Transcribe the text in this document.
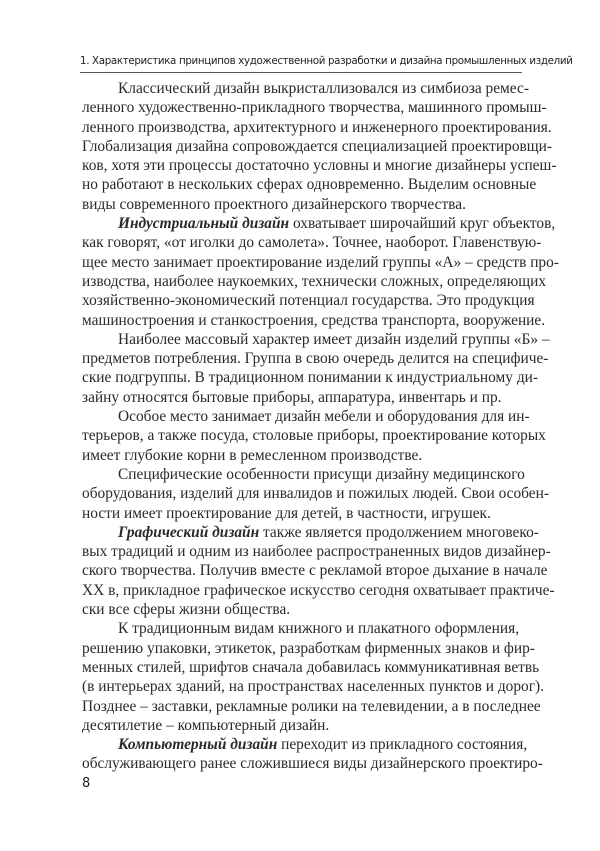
1. Характеристика принципов художественной разработки и дизайна промышленных изделий
Классический дизайн выкристаллизовался из симбиоза ремес-
ленного художественно-прикладного творчества, машинного промыш-
ленного производства, архитектурного и инженерного проектирования.
Глобализация дизайна сопровождается специализацией проектировщи-
ков, хотя эти процессы достаточно условны и многие дизайнеры успеш-
но работают в нескольких сферах одновременно. Выделим основные
виды современного проектного дизайнерского творчества.
Индустриальный дизайн охватывает широчайший круг объектов,
как говорят, «от иголки до самолета». Точнее, наоборот. Главенствую-
щее место занимает проектирование изделий группы «А» – средств про-
изводства, наиболее наукоемких, технически сложных, определяющих
хозяйственно-экономический потенциал государства. Это продукция
машиностроения и станкостроения, средства транспорта, вооружение.
Наиболее массовый характер имеет дизайн изделий группы «Б» –
предметов потребления. Группа в свою очередь делится на специфиче-
ские подгруппы. В традиционном понимании к индустриальному ди-
зайну относятся бытовые приборы, аппаратура, инвентарь и пр.
Особое место занимает дизайн мебели и оборудования для ин-
терьеров, а также посуда, столовые приборы, проектирование которых
имеет глубокие корни в ремесленном производстве.
Специфические особенности присущи дизайну медицинского
оборудования, изделий для инвалидов и пожилых людей. Свои особен-
ности имеет проектирование для детей, в частности, игрушек.
Графический дизайн также является продолжением многовеко-
вых традиций и одним из наиболее распространенных видов дизайнер-
ского творчества. Получив вместе с рекламой второе дыхание в начале
XX в, прикладное графическое искусство сегодня охватывает практиче-
ски все сферы жизни общества.
К традиционным видам книжного и плакатного оформления,
решению упаковки, этикеток, разработкам фирменных знаков и фир-
менных стилей, шрифтов сначала добавилась коммуникативная ветвь
(в интерьерах зданий, на пространствах населенных пунктов и дорог).
Позднее – заставки, рекламные ролики на телевидении, а в последнее
десятилетие – компьютерный дизайн.
Компьютерный дизайн переходит из прикладного состояния,
обслуживающего ранее сложившиеся виды дизайнерского проектиро-
8
